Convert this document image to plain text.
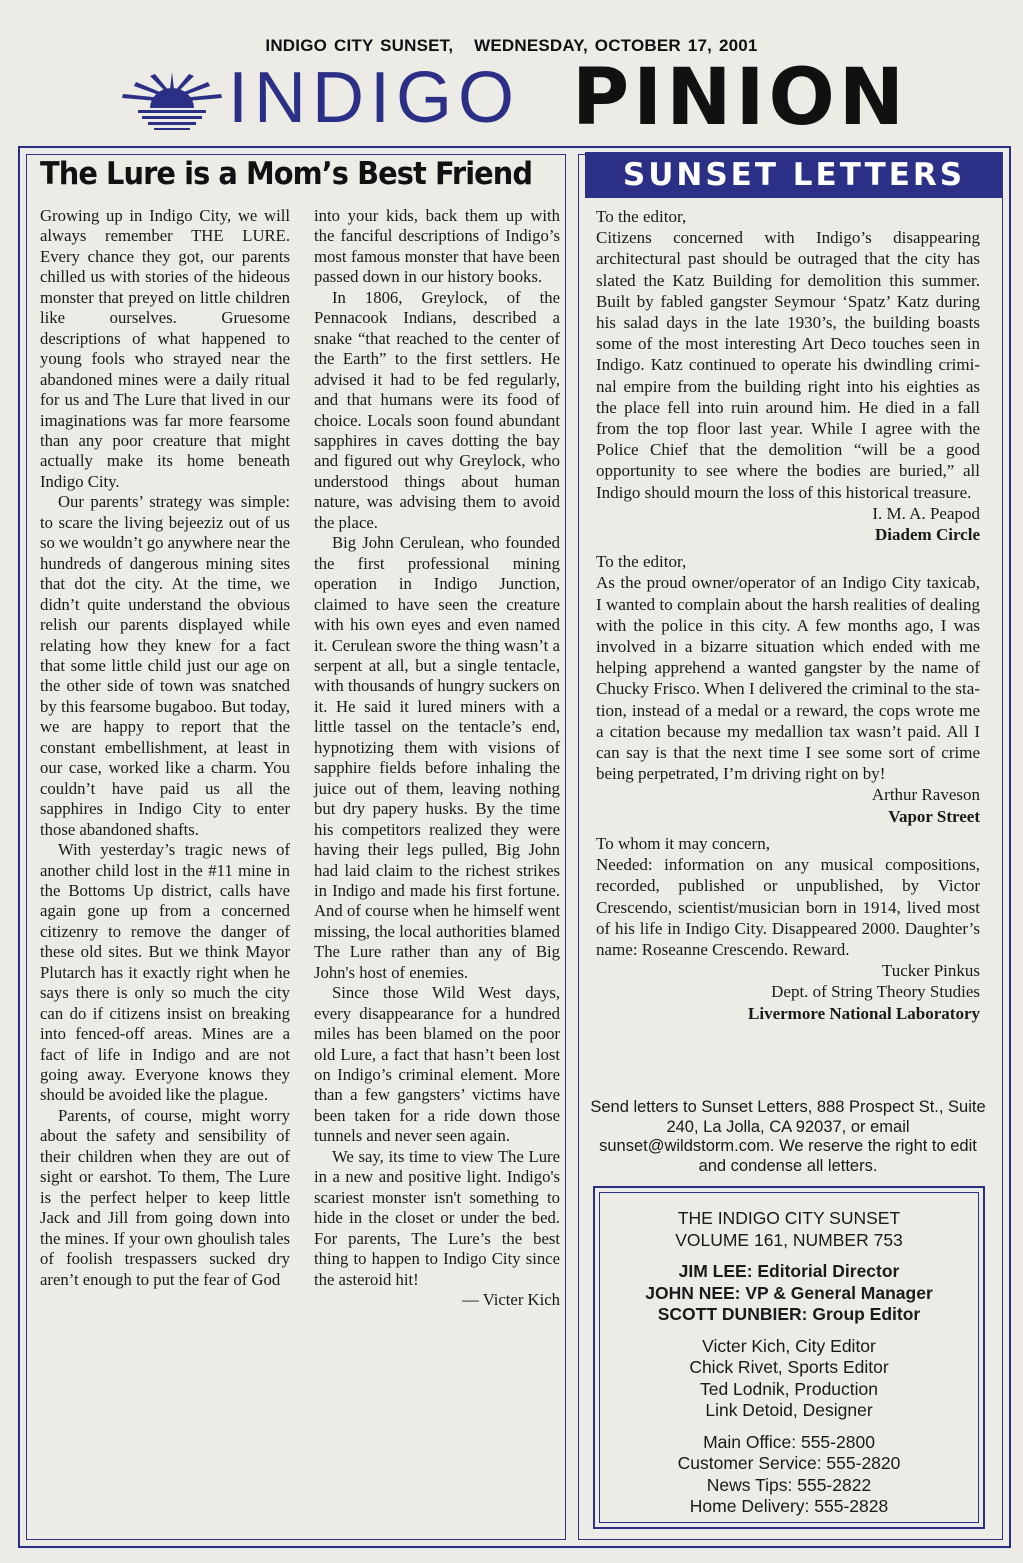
INDIGO CITY SUNSET,   WEDNESDAY, OCTOBER 17, 2001
INDIGO PINION
The Lure is a Mom’s Best Friend

Growing up in Indigo City, we will always remember THE LURE. Every chance they got, our parents chilled us with stories of the hideous monster that preyed on little children like ourselves. Gruesome descriptions of what happened to young fools who strayed near the abandoned mines were a daily ritual for us and The Lure that lived in our imaginations was far more fearsome than any poor creature that might actually make its home beneath Indigo City.

Our parents’ strategy was simple: to scare the living bejeeziz out of us so we wouldn’t go anywhere near the hundreds of dangerous mining sites that dot the city. At the time, we didn’t quite understand the obvious relish our parents displayed while relating how they knew for a fact that some little child just our age on the other side of town was snatched by this fearsome bugaboo. But today, we are happy to report that the constant embellishment, at least in our case, worked like a charm. You couldn’t have paid us all the sapphires in Indigo City to enter those abandoned shafts.

With yesterday’s tragic news of another child lost in the #11 mine in the Bottoms Up district, calls have again gone up from a concerned citizenry to remove the danger of these old sites. But we think Mayor Plutarch has it exactly right when he says there is only so much the city can do if citizens insist on breaking into fenced-off areas. Mines are a fact of life in Indigo and are not going away. Everyone knows they should be avoided like the plague.

Parents, of course, might worry about the safety and sensibility of their children when they are out of sight or earshot. To them, The Lure is the perfect helper to keep little Jack and Jill from going down into the mines. If your own ghoulish tales of foolish trespassers sucked dry aren’t enough to put the fear of God

into your kids, back them up with the fanciful descriptions of Indigo’s most famous monster that have been passed down in our history books.

In 1806, Greylock, of the Pennacook Indians, described a snake “that reached to the center of the Earth” to the first settlers. He advised it had to be fed regularly, and that humans were its food of choice. Locals soon found abundant sapphires in caves dotting the bay and figured out why Greylock, who understood things about human nature, was advising them to avoid the place.

Big John Cerulean, who founded the first professional mining operation in Indigo Junction, claimed to have seen the creature with his own eyes and even named it. Cerulean swore the thing wasn’t a serpent at all, but a single tentacle, with thousands of hungry suckers on it. He said it lured miners with a little tassel on the tentacle’s end, hypnotizing them with visions of sapphire fields before inhaling the juice out of them, leaving nothing but dry papery husks. By the time his competitors realized they were having their legs pulled, Big John had laid claim to the richest strikes in Indigo and made his first fortune. And of course when he himself went missing, the local authorities blamed The Lure rather than any of Big John's host of enemies.

Since those Wild West days, every disappearance for a hundred miles has been blamed on the poor old Lure, a fact that hasn’t been lost on Indigo’s criminal element. More than a few gangsters’ victims have been taken for a ride down those tunnels and never seen again.

We say, its time to view The Lure in a new and positive light. Indigo's scariest monster isn't something to hide in the closet or under the bed. For parents, The Lure’s the best thing to happen to Indigo City since the asteroid hit!

— Victer Kich
SUNSET LETTERS

To the editor,

Citizens concerned with Indigo’s disappearing architectural past should be outraged that the city has slated the Katz Building for demolition this summer. Built by fabled gangster Seymour ‘Spatz’ Katz during his salad days in the late 1930’s, the building boasts some of the most interesting Art Deco touches seen in Indigo. Katz continued to operate his dwindling criminal empire from the building right into his eighties as the place fell into ruin around him. He died in a fall from the top floor last year. While I agree with the Police Chief that the demolition “will be a good opportunity to see where the bodies are buried,” all Indigo should mourn the loss of this historical treasure.

I. M. A. Peapod

Diadem Circle

To the editor,

As the proud owner/operator of an Indigo City taxicab, I wanted to complain about the harsh realities of dealing with the police in this city. A few months ago, I was involved in a bizarre situation which ended with me helping apprehend a wanted gangster by the name of Chucky Frisco. When I delivered the criminal to the station, instead of a medal or a reward, the cops wrote me a citation because my medallion tax wasn’t paid. All I can say is that the next time I see some sort of crime being perpetrated, I’m driving right on by!

Arthur Raveson

Vapor Street

To whom it may concern,

Needed: information on any musical compositions, recorded, published or unpublished, by Victor Crescendo, scientist/musician born in 1914, lived most of his life in Indigo City. Disappeared 2000. Daughter’s name: Roseanne Crescendo. Reward.

Tucker Pinkus

Dept. of String Theory Studies

Livermore National Laboratory

Send letters to Sunset Letters, 888 Prospect St., Suite 240, La Jolla, CA 92037, or email sunset@wildstorm.com. We reserve the right to edit and condense all letters.
THE INDIGO CITY SUNSET
VOLUME 161, NUMBER 753
JIM LEE: Editorial Director
JOHN NEE: VP & General Manager
SCOTT DUNBIER: Group Editor
Victer Kich, City Editor
Chick Rivet, Sports Editor
Ted Lodnik, Production
Link Detoid, Designer
Main Office: 555-2800
Customer Service: 555-2820
News Tips: 555-2822
Home Delivery: 555-2828
